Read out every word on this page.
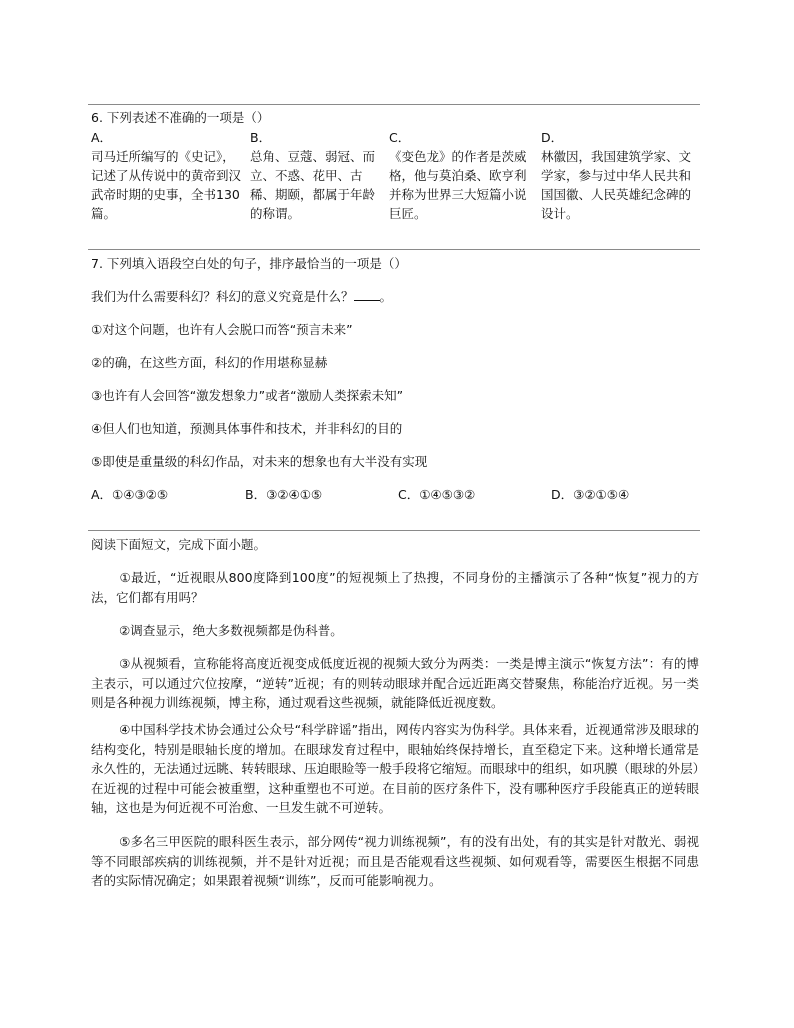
6. 下列表述不准确的一项是（）
A．
司马迁所编写的《史记》，记述了从传说中的黄帝到汉武帝时期的史事，全书130篇。
B．
总角、豆蔻、弱冠、而立、不惑、花甲、古稀、期颐，都属于年龄的称谓。
C．
《变色龙》的作者是茨威格，他与莫泊桑、欧亨利并称为世界三大短篇小说巨匠。
D．
林徽因，我国建筑学家、文学家，参与过中华人民共和国国徽、人民英雄纪念碑的设计。
7. 下列填入语段空白处的句子，排序最恰当的一项是（）
我们为什么需要科幻？科幻的意义究竟是什么？ 。
①对这个问题，也许有人会脱口而答“预言未来”
②的确，在这些方面，科幻的作用堪称显赫
③也许有人会回答“激发想象力”或者“激励人类探索未知”
④但人们也知道，预测具体事件和技术，并非科幻的目的
⑤即使是重量级的科幻作品，对未来的想象也有大半没有实现
A．①④③②⑤	B．③②④①⑤	C．①④⑤③②	D．③②①⑤④
阅读下面短文，完成下面小题。
①最近，“近视眼从800度降到100度”的短视频上了热搜，不同身份的主播演示了各种“恢复”视力的方法，它们都有用吗？
②调查显示，绝大多数视频都是伪科普。
③从视频看，宣称能将高度近视变成低度近视的视频大致分为两类：一类是博主演示“恢复方法”：有的博主表示，可以通过穴位按摩，“逆转”近视；有的则转动眼球并配合远近距离交替聚焦，称能治疗近视。另一类则是各种视力训练视频，博主称，通过观看这些视频，就能降低近视度数。
④中国科学技术协会通过公众号“科学辟谣”指出，网传内容实为伪科学。具体来看，近视通常涉及眼球的结构变化，特别是眼轴长度的增加。在眼球发育过程中，眼轴始终保持增长，直至稳定下来。这种增长通常是永久性的，无法通过远眺、转转眼球、压迫眼睑等一般手段将它缩短。而眼球中的组织，如巩膜（眼球的外层）在近视的过程中可能会被重塑，这种重塑也不可逆。在目前的医疗条件下，没有哪种医疗手段能真正的逆转眼轴，这也是为何近视不可治愈、一旦发生就不可逆转。
⑤多名三甲医院的眼科医生表示，部分网传“视力训练视频”，有的没有出处，有的其实是针对散光、弱视等不同眼部疾病的训练视频，并不是针对近视；而且是否能观看这些视频、如何观看等，需要医生根据不同患者的实际情况确定；如果跟着视频“训练”，反而可能影响视力。
